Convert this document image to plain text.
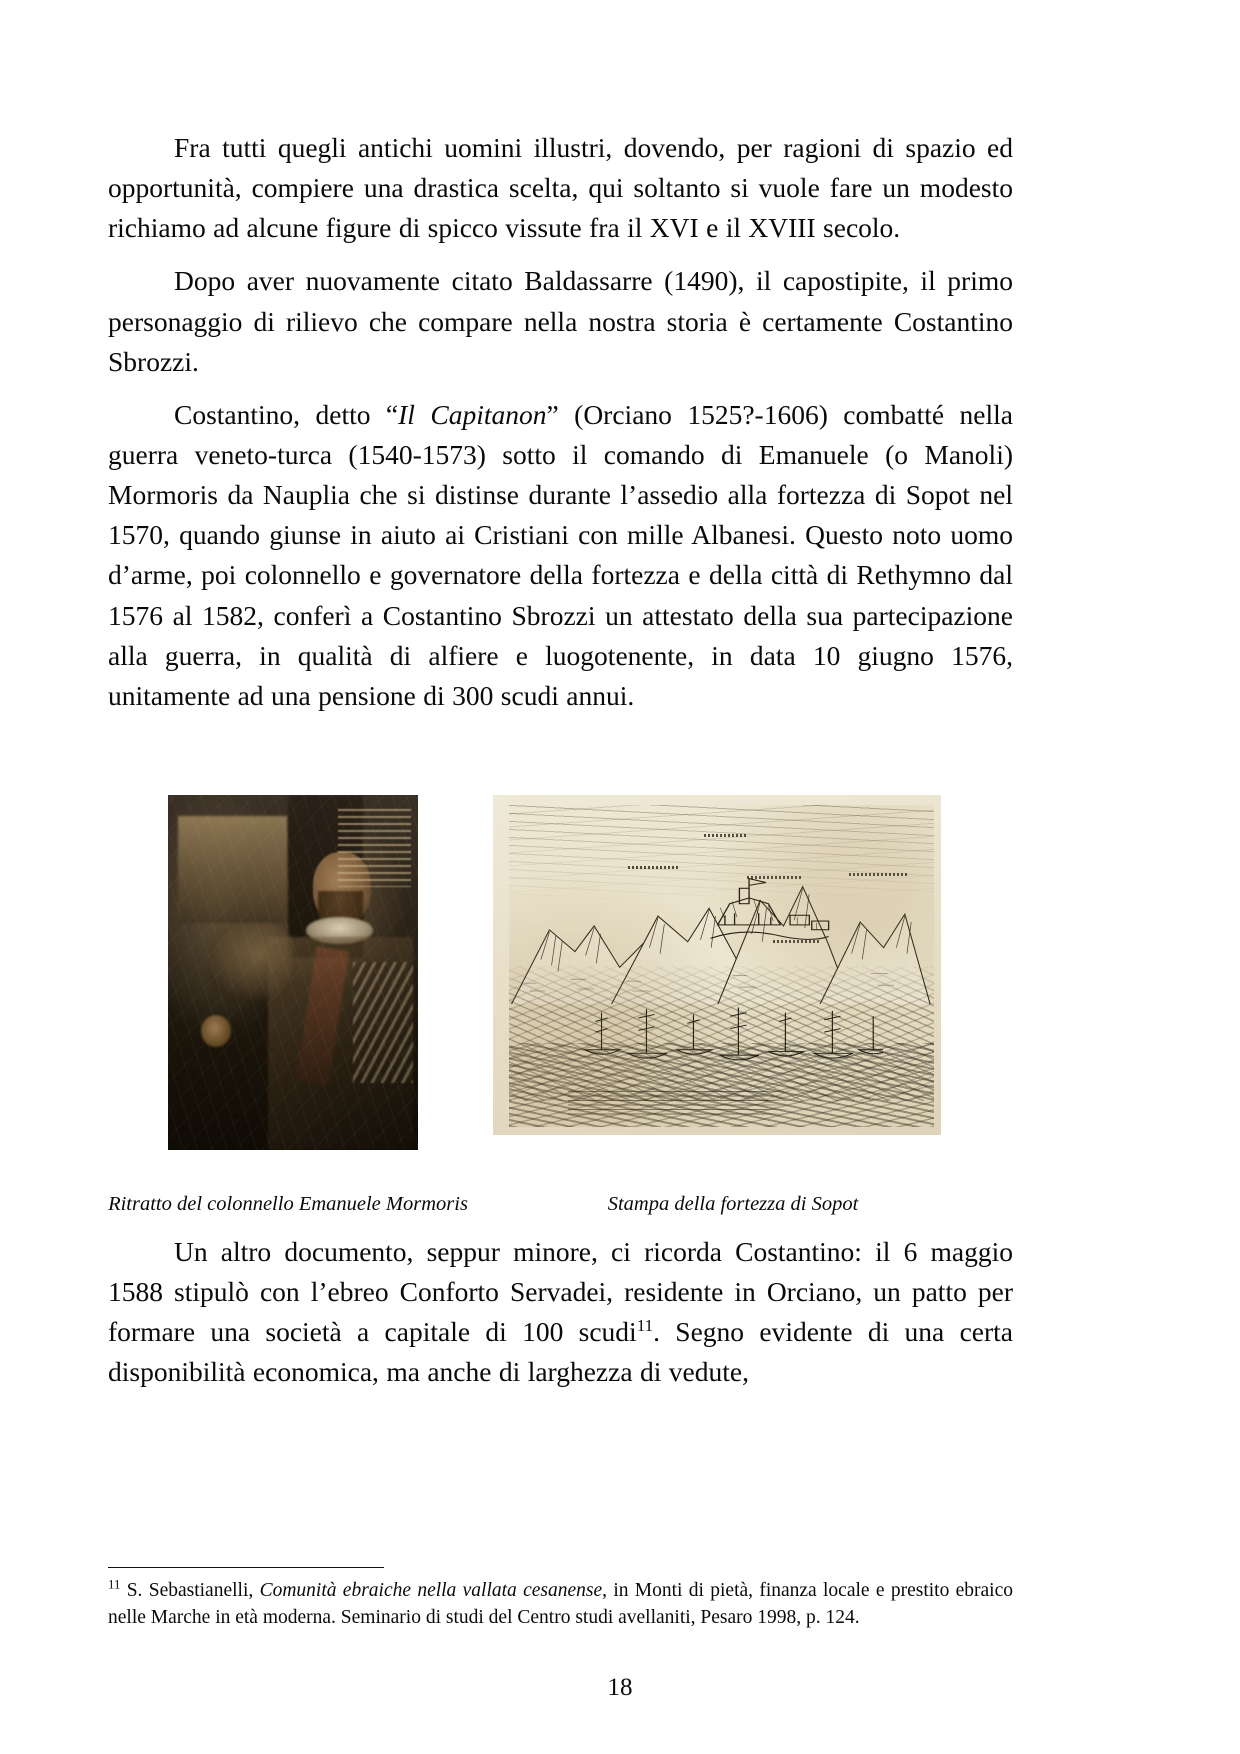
Fra tutti quegli antichi uomini illustri, dovendo, per ragioni di spazio ed opportunità, compiere una drastica scelta, qui soltanto si vuole fare un modesto richiamo ad alcune figure di spicco vissute fra il XVI e il XVIII secolo.

Dopo aver nuovamente citato Baldassarre (1490), il capostipite, il primo personaggio di rilievo che compare nella nostra storia è certamente Costantino Sbrozzi.

Costantino, detto “Il Capitanon” (Orciano 1525?-1606) combatté nella guerra veneto-turca (1540-1573) sotto il comando di Emanuele (o Manoli) Mormoris da Nauplia che si distinse durante l’assedio alla fortezza di Sopot nel 1570, quando giunse in aiuto ai Cristiani con mille Albanesi. Questo noto uomo d’arme, poi colonnello e governatore della fortezza e della città di Rethymno dal 1576 al 1582, conferì a Costantino Sbrozzi un attestato della sua partecipazione alla guerra, in qualità di alfiere e luogotenente, in data 10 giugno 1576, unitamente ad una pensione di 300 scudi annui.

Ritratto del colonnello Emanuele Mormoris	Stampa della fortezza di Sopot

Un altro documento, seppur minore, ci ricorda Costantino: il 6 maggio 1588 stipulò con l’ebreo Conforto Servadei, residente in Orciano, un patto per formare una società a capitale di 100 scudi$^{11}$. Segno evidente di una certa disponibilità economica, ma anche di larghezza di vedute,

$^{11}$ S. Sebastianelli, Comunità ebraiche nella vallata cesanense, in Monti di pietà, finanza locale e prestito ebraico nelle Marche in età moderna. Seminario di studi del Centro studi avellaniti, Pesaro 1998, p. 124.

18
